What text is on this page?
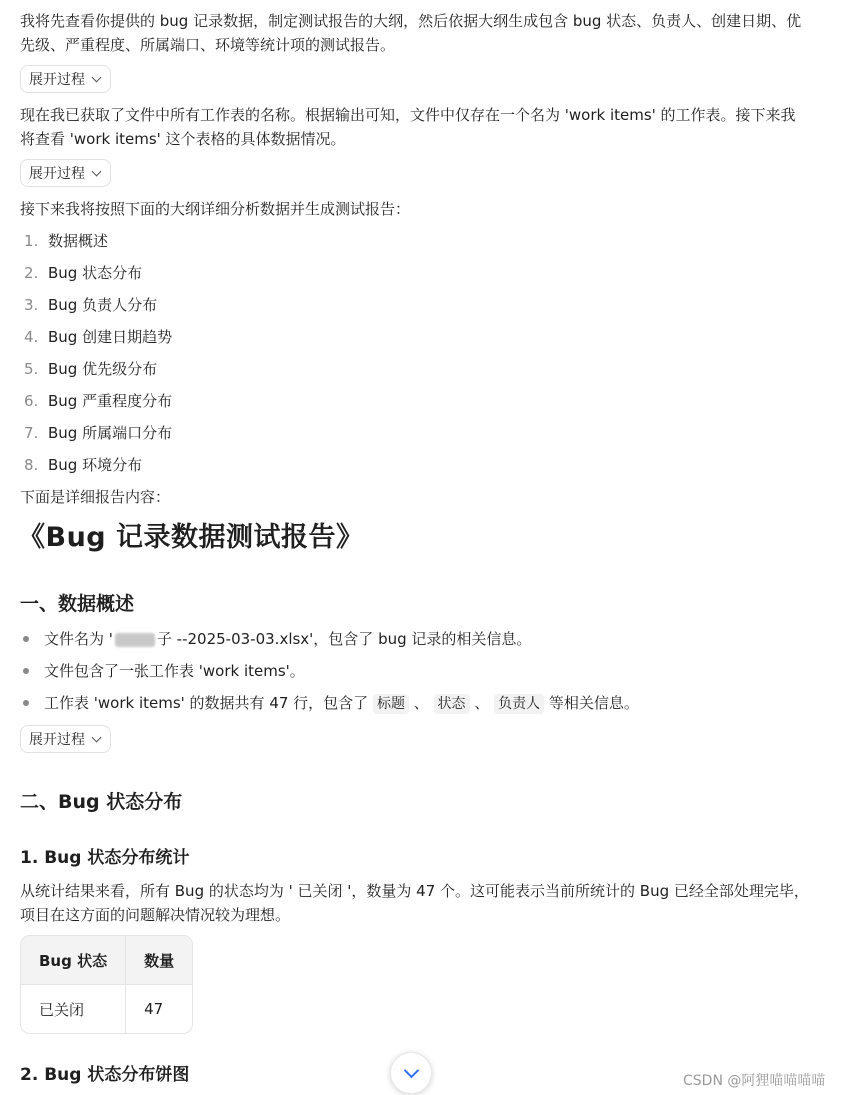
我将先查看你提供的 bug 记录数据，制定测试报告的大纲，然后依据大纲生成包含 bug 状态、负责人、创建日期、优先级、严重程度、所属端口、环境等统计项的测试报告。

展开过程

现在我已获取了文件中所有工作表的名称。根据输出可知，文件中仅存在一个名为 'work items' 的工作表。接下来我将查看 'work items' 这个表格的具体数据情况。

展开过程

接下来我将按照下面的大纲详细分析数据并生成测试报告：

1. 数据概述
2. Bug 状态分布
3. Bug 负责人分布
4. Bug 创建日期趋势
5. Bug 优先级分布
6. Bug 严重程度分布
7. Bug 所属端口分布
8. Bug 环境分布

下面是详细报告内容：

《Bug 记录数据测试报告》
一、数据概述
文件名为 '	子 --2025-03-03.xlsx'，包含了 bug 记录的相关信息。
文件包含了一张工作表 'work items'。
工作表 'work items' 的数据共有 47 行，包含了 标题 、 状态 、 负责人 等相关信息。
展开过程
二、Bug 状态分布
1. Bug 状态分布统计

从统计结果来看，所有 Bug 的状态均为 ' 已关闭 '，数量为 47 个。这可能表示当前所统计的 Bug 已经全部处理完毕，项目在这方面的问题解决情况较为理想。

Bug 状态	数量
已关闭	47
2. Bug 状态分布饼图	CSDN @阿狸喵喵喵喵
